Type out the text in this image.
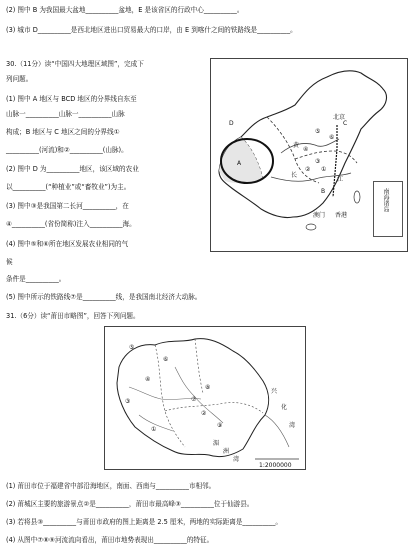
(2) 图中 B 为我国最大盆地__________盆地，E 是该省区的行政中心__________。
(3) 城市 D__________是西北地区进出口贸易最大的口岸，由 E 到喀什之间的铁路线是__________。
30.（11分）读“中国四大地理区域图”，完成下
列问题。
(1) 图中 A 地区与 BCD 地区的分界线自东至
山脉一__________山脉一__________山脉
构成；B 地区与 C 地区之间的分界线①
__________(河流)和②__________(山脉)。
(2) 图中 D 为__________地区，该区域的农业
以__________(“种植业”或“畜牧业”)为主。
(3) 图中③是我国第二长河__________，在
④__________(省份简称)注入__________海。
(4) 图中⑤和⑥所在地区发展农业相同的气
候
条件是__________。
(5) 图中所示的铁路线⑦是__________线，是我国南北经济大动脉。
D
A
C
B
北京
⑤
⑥
④
③
② ①
江
长
黄
香港
澳门
南海诸岛
31.（6分）读“莆田市略图”，回答下列问题。
⑤
⑥
④
③	⑦
⑧
②
⑨
①
兴
化
湾
湄
洲
湾
1:2000000
(1) 莆田市位于福建省中部沿海地区，南面、西南与__________市相邻。
(2) 莆城区主要的旅游景点②是__________，莆田市最高峰③__________位于仙游县。
(3) 若将县③__________与莆田市政府的图上距离是 2.5 厘米，两地的实际距离是__________。
(4) 从图中⑦⑧⑨河流流向看出，莆田市地势表现出__________的特征。
